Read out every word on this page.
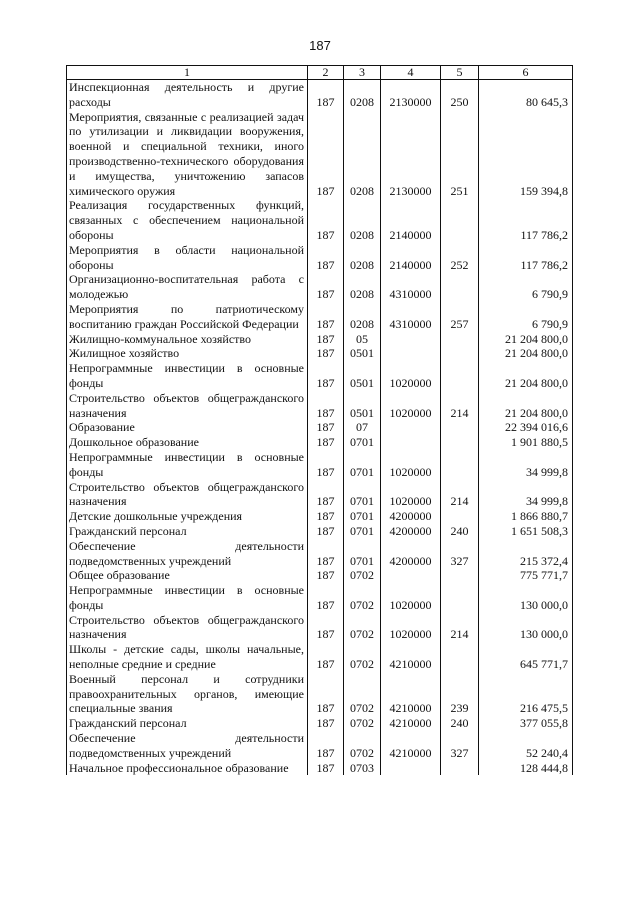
187
1	2	3	4	5	6
Инспекционная деятельность и другие расходы	187	0208	2130000	250	80 645,3
Мероприятия, связанные с реализацией задач по утилизации и ликвидации вооружения, военной и специальной техники, иного производственно-технического оборудования и имущества, уничтожению запасов химического оружия	187	0208	2130000	251	159 394,8
Реализация государственных функций, связанных с обеспечением национальной обороны	187	0208	2140000		117 786,2
Мероприятия в области национальной обороны	187	0208	2140000	252	117 786,2
Организационно-воспитательная работа с молодежью	187	0208	4310000		6 790,9
Мероприятия по патриотическому воспитанию граждан Российской Федерации	187	0208	4310000	257	6 790,9
Жилищно-коммунальное хозяйство	187	05			21 204 800,0
Жилищное хозяйство	187	0501			21 204 800,0
Непрограммные инвестиции в основные фонды	187	0501	1020000		21 204 800,0
Строительство объектов общегражданского назначения	187	0501	1020000	214	21 204 800,0
Образование	187	07			22 394 016,6
Дошкольное образование	187	0701			1 901 880,5
Непрограммные инвестиции в основные фонды	187	0701	1020000		34 999,8
Строительство объектов общегражданского назначения	187	0701	1020000	214	34 999,8
Детские дошкольные учреждения	187	0701	4200000		1 866 880,7
Гражданский персонал	187	0701	4200000	240	1 651 508,3
Обеспечение деятельности подведомственных учреждений	187	0701	4200000	327	215 372,4
Общее образование	187	0702			775 771,7
Непрограммные инвестиции в основные фонды	187	0702	1020000		130 000,0
Строительство объектов общегражданского назначения	187	0702	1020000	214	130 000,0
Школы - детские сады, школы начальные, неполные средние и средние	187	0702	4210000		645 771,7
Военный персонал и сотрудники правоохранительных органов, имеющие специальные звания	187	0702	4210000	239	216 475,5
Гражданский персонал	187	0702	4210000	240	377 055,8
Обеспечение деятельности подведомственных учреждений	187	0702	4210000	327	52 240,4
Начальное профессиональное образование	187	0703			128 444,8
